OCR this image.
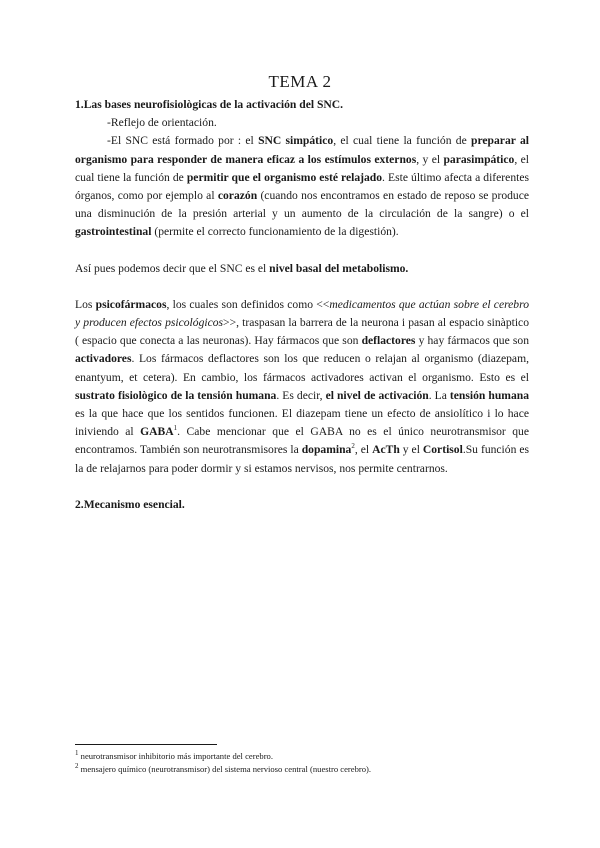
TEMA 2

1.Las bases neurofisiològicas de la activación del SNC.

-Reflejo de orientación.

-El SNC está formado por : el SNC simpático, el cual tiene la función de preparar al organismo para responder de manera eficaz a los estímulos externos, y el parasimpático, el cual tiene la función de permitir que el organismo esté relajado. Este último afecta a diferentes órganos, como por ejemplo al corazón (cuando nos encontramos en estado de reposo se produce una disminución de la presión arterial y un aumento de la circulación de la sangre) o el gastrointestinal (permite el correcto funcionamiento de la digestión).

Así pues podemos decir que el SNC es el nivel basal del metabolismo.

Los psicofármacos, los cuales son definidos como <<medicamentos que actúan sobre el cerebro y producen efectos psicológicos>>, traspasan la barrera de la neurona i pasan al espacio sinàptico ( espacio que conecta a las neuronas). Hay fármacos que son deflactores y hay fármacos que son activadores. Los fármacos deflactores son los que reducen o relajan al organismo (diazepam, enantyum, et cetera). En cambio, los fármacos activadores activan el organismo. Esto es el sustrato fisiològico de la tensión humana. Es decir, el nivel de activación. La tensión humana es la que hace que los sentidos funcionen. El diazepam tiene un efecto de ansiolítico i lo hace iniviendo al GABA$^1$. Cabe mencionar que el GABA no es el único neurotransmisor que encontramos. También son neurotransmisores la dopamina$^2$, el AcTh y el Cortisol.Su función es la de relajarnos para poder dormir y si estamos nervisos, nos permite centrarnos.

2.Mecanismo esencial.

$^1$ neurotransmisor inhibitorio más importante del cerebro.

$^2$ mensajero químico (neurotransmisor) del sistema nervioso central (nuestro cerebro).
